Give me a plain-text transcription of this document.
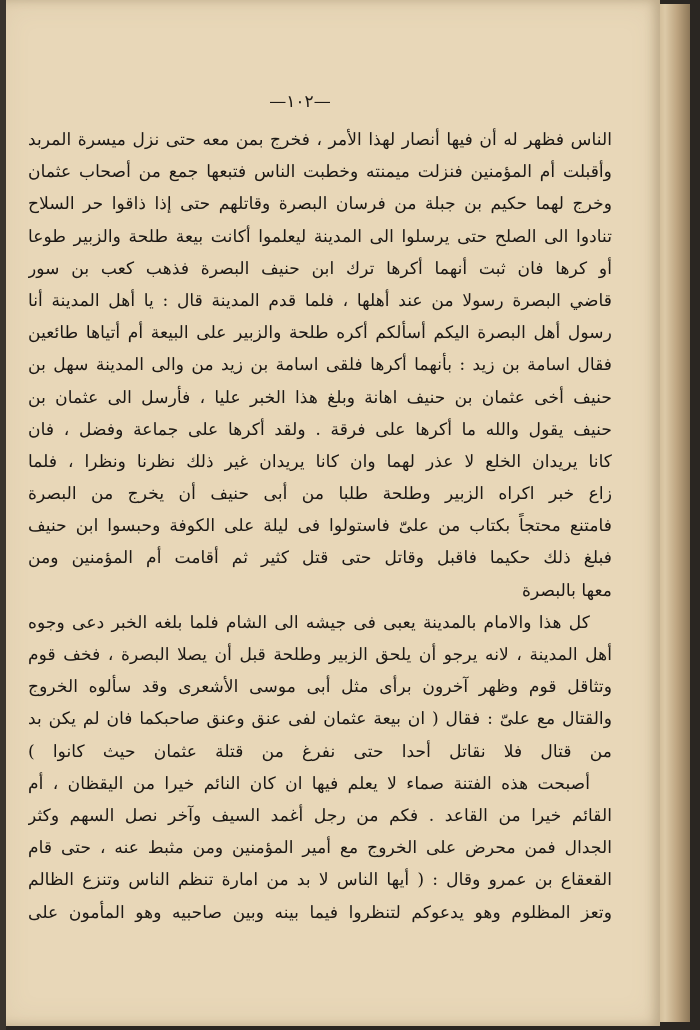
—١٠٢—
الناس فظهر له أن فيها أنصار لهذا الأمر ، فخرج بمن معه حتى نزل ميسرة المربد
وأقبلت أم المؤمنين فنزلت ميمنته وخطبت الناس فتبعها جمع من أصحاب عثمان
وخرج لهما حكيم بن جبلة من فرسان البصرة وقاتلهم حتى إذا ذاقوا حر السلاح
تنادوا الى الصلح حتى يرسلوا الى المدينة ليعلموا أكانت بيعة طلحة والزبير طوعا
أو كرها فان ثبت أنهما أكرها ترك ابن حنيف البصرة فذهب كعب بن سور
قاضي البصرة رسولا من عند أهلها ، فلما قدم المدينة قال : يا أهل المدينة أنا
رسول أهل البصرة اليكم أسألكم أكره طلحة والزبير على البيعة أم أتياها طائعين
فقال اسامة بن زيد : بأنهما أكرها فلقى اسامة بن زيد من والى المدينة سهل بن
حنيف أخى عثمان بن حنيف اهانة وبلغ هذا الخبر عليا ، فأرسل الى عثمان بن
حنيف يقول والله ما أكرها على فرقة . ولقد أكرها على جماعة وفضل ، فان
كانا يريدان الخلع لا عذر لهما وان كانا يريدان غير ذلك نظرنا ونظرا ، فلما
زاع خبر اكراه الزبير وطلحة طلبا من أبى حنيف أن يخرج من البصرة
فامتنع محتجاً بكتاب من علىّ فاستولوا فى ليلة على الكوفة وحبسوا ابن حنيف
فبلغ ذلك حكيما فاقبل وقاتل حتى قتل كثير ثم أقامت أم المؤمنين ومن
معها بالبصرة
كل هذا والامام بالمدينة يعبى فى جيشه الى الشام فلما بلغه الخبر دعى وجوه
أهل المدينة ، لانه يرجو أن يلحق الزبير وطلحة قبل أن يصلا البصرة ، فخف قوم
وتثاقل قوم وظهر آخرون برأى مثل أبى موسى الأشعرى وقد سألوه الخروج
والقتال مع علىّ : فقال ( ان بيعة عثمان لفى عنق وعنق صاحبكما فان لم يكن بد
من قتال فلا نقاتل أحدا حتى نفرغ من قتلة عثمان حيث كانوا )
أصبحت هذه الفتنة صماء لا يعلم فيها ان كان النائم خيرا من اليقظان ، أم
القائم خيرا من القاعد . فكم من رجل أغمد السيف وآخر نصل السهم وكثر
الجدال فمن محرض على الخروج مع أمير المؤمنين ومن مثبط عنه ، حتى قام
القعقاع بن عمرو وقال : ( أيها الناس لا بد من امارة تنظم الناس وتنزع الظالم
وتعز المظلوم وهو يدعوكم لتنظروا فيما بينه وبين صاحبيه وهو المأمون على
